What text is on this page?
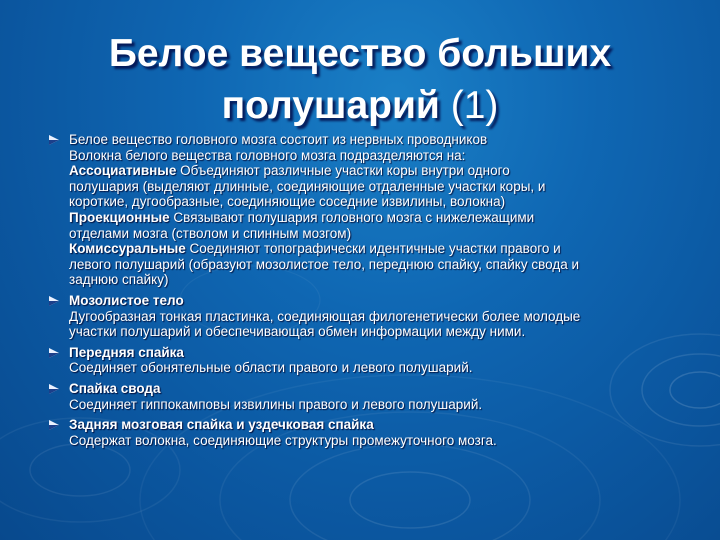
Белое вещество больших
полушарий (1)
Белое вещество головного мозга состоит из нервных проводников
Волокна белого вещества головного мозга подразделяются на:
Ассоциативные Объединяют различные участки коры внутри одного
полушария (выделяют длинные, соединяющие отдаленные участки коры, и
короткие, дугообразные, соединяющие соседние извилины, волокна)
Проекционные Связывают полушария головного мозга с нижележащими
отделами мозга (стволом и спинным мозгом)
Комиссуральные Соединяют топографически идентичные участки правого и
левого полушарий (образуют мозолистое тело, переднюю спайку, спайку свода и
заднюю спайку)
Мозолистое тело
Дугообразная тонкая пластинка, соединяющая филогенетически более молодые
участки полушарий и обеспечивающая обмен информации между ними.
Передняя спайка
Соединяет обонятельные области правого и левого полушарий.
Спайка свода
Соединяет гиппокамповы извилины правого и левого полушарий.
Задняя мозговая спайка и уздечковая спайка
Содержат волокна, соединяющие структуры промежуточного мозга.
